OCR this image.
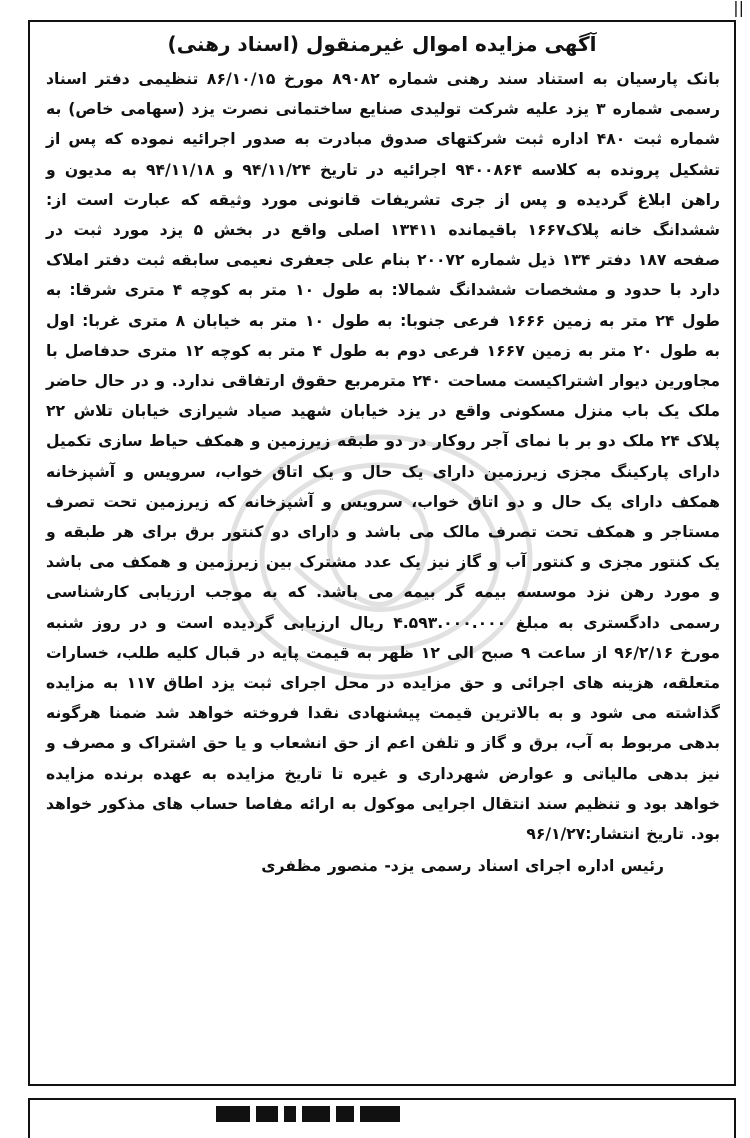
||
آگهی مزایده اموال غیرمنقول (اسناد رهنی)

بانک پارسیان به استناد سند رهنی شماره ۸۹۰۸۲ مورخ ۸۶/۱۰/۱۵ تنظیمی دفتر اسناد رسمی شماره ۳ یزد علیه شرکت تولیدی صنایع ساختمانی نصرت یزد (سهامی خاص) به شماره ثبت ۴۸۰ اداره ثبت شرکتهای صدوق مبادرت به صدور اجرائیه نموده که پس از تشکیل پرونده به کلاسه ۹۴۰۰۸۶۴ اجرائیه در تاریخ ۹۴/۱۱/۲۴ و ۹۴/۱۱/۱۸ به مدیون و راهن ابلاغ گردیده و پس از جری تشریفات قانونی مورد وثیقه که عبارت است از: ششدانگ خانه پلاک۱۶۶۷ باقیمانده ۱۳۴۱۱ اصلی واقع در بخش ۵ یزد مورد ثبت در صفحه ۱۸۷ دفتر ۱۳۴ ذیل شماره ۲۰۰۷۲ بنام علی جعفری نعیمی سابقه ثبت دفتر املاک دارد با حدود و مشخصات ششدانگ شمالا: به طول ۱۰ متر به کوچه ۴ متری شرقا: به طول ۲۴ متر به زمین ۱۶۶۶ فرعی جنوبا: به طول ۱۰ متر به خیابان ۸ متری غربا: اول به طول ۲۰ متر به زمین ۱۶۶۷ فرعی دوم به طول ۴ متر به کوچه ۱۲ متری حدفاصل با مجاورین دیوار اشتراکیست مساحت ۲۴۰ مترمربع حقوق ارتفاقی ندارد. و در حال حاضر ملک یک باب منزل مسکونی واقع در یزد خیابان شهید صیاد شیرازی خیابان تلاش ۲۲ پلاک ۲۴ ملک دو بر با نمای آجر روکار در دو طبقه زیرزمین و همکف حیاط سازی تکمیل دارای پارکینگ مجزی زیرزمین دارای یک حال و یک اتاق خواب، سرویس و آشپزخانه همکف دارای یک حال و دو اتاق خواب، سرویس و آشپزخانه که زیرزمین تحت تصرف مستاجر و همکف تحت تصرف مالک می باشد و دارای دو کنتور برق برای هر طبقه و یک کنتور مجزی و کنتور آب و گاز نیز یک عدد مشترک بین زیرزمین و همکف می باشد و مورد رهن نزد موسسه بیمه گر بیمه می باشد. که به موجب ارزیابی کارشناسی رسمی دادگستری به مبلغ ۴.۵۹۳.۰۰۰.۰۰۰ ریال ارزیابی گردیده است و در روز شنبه مورخ ۹۶/۲/۱۶ از ساعت ۹ صبح الی ۱۲ ظهر به قیمت پایه در قبال کلیه طلب، خسارات متعلقه، هزینه های اجرائی و حق مزایده در محل اجرای ثبت یزد اطاق ۱۱۷ به مزایده گذاشته می شود و به بالاترین قیمت پیشنهادی نقدا فروخته خواهد شد ضمنا هرگونه بدهی مربوط به آب، برق و گاز و تلفن اعم از حق انشعاب و یا حق اشتراک و مصرف و نیز بدهی مالیاتی و عوارض شهرداری و غیره تا تاریخ مزایده به عهده برنده مزایده خواهد بود و تنظیم سند انتقال اجرایی موکول به ارائه مفاصا حساب های مذکور خواهد بود. تاریخ انتشار:۹۶/۱/۲۷

رئیس اداره اجرای اسناد رسمی یزد- منصور مظفری
